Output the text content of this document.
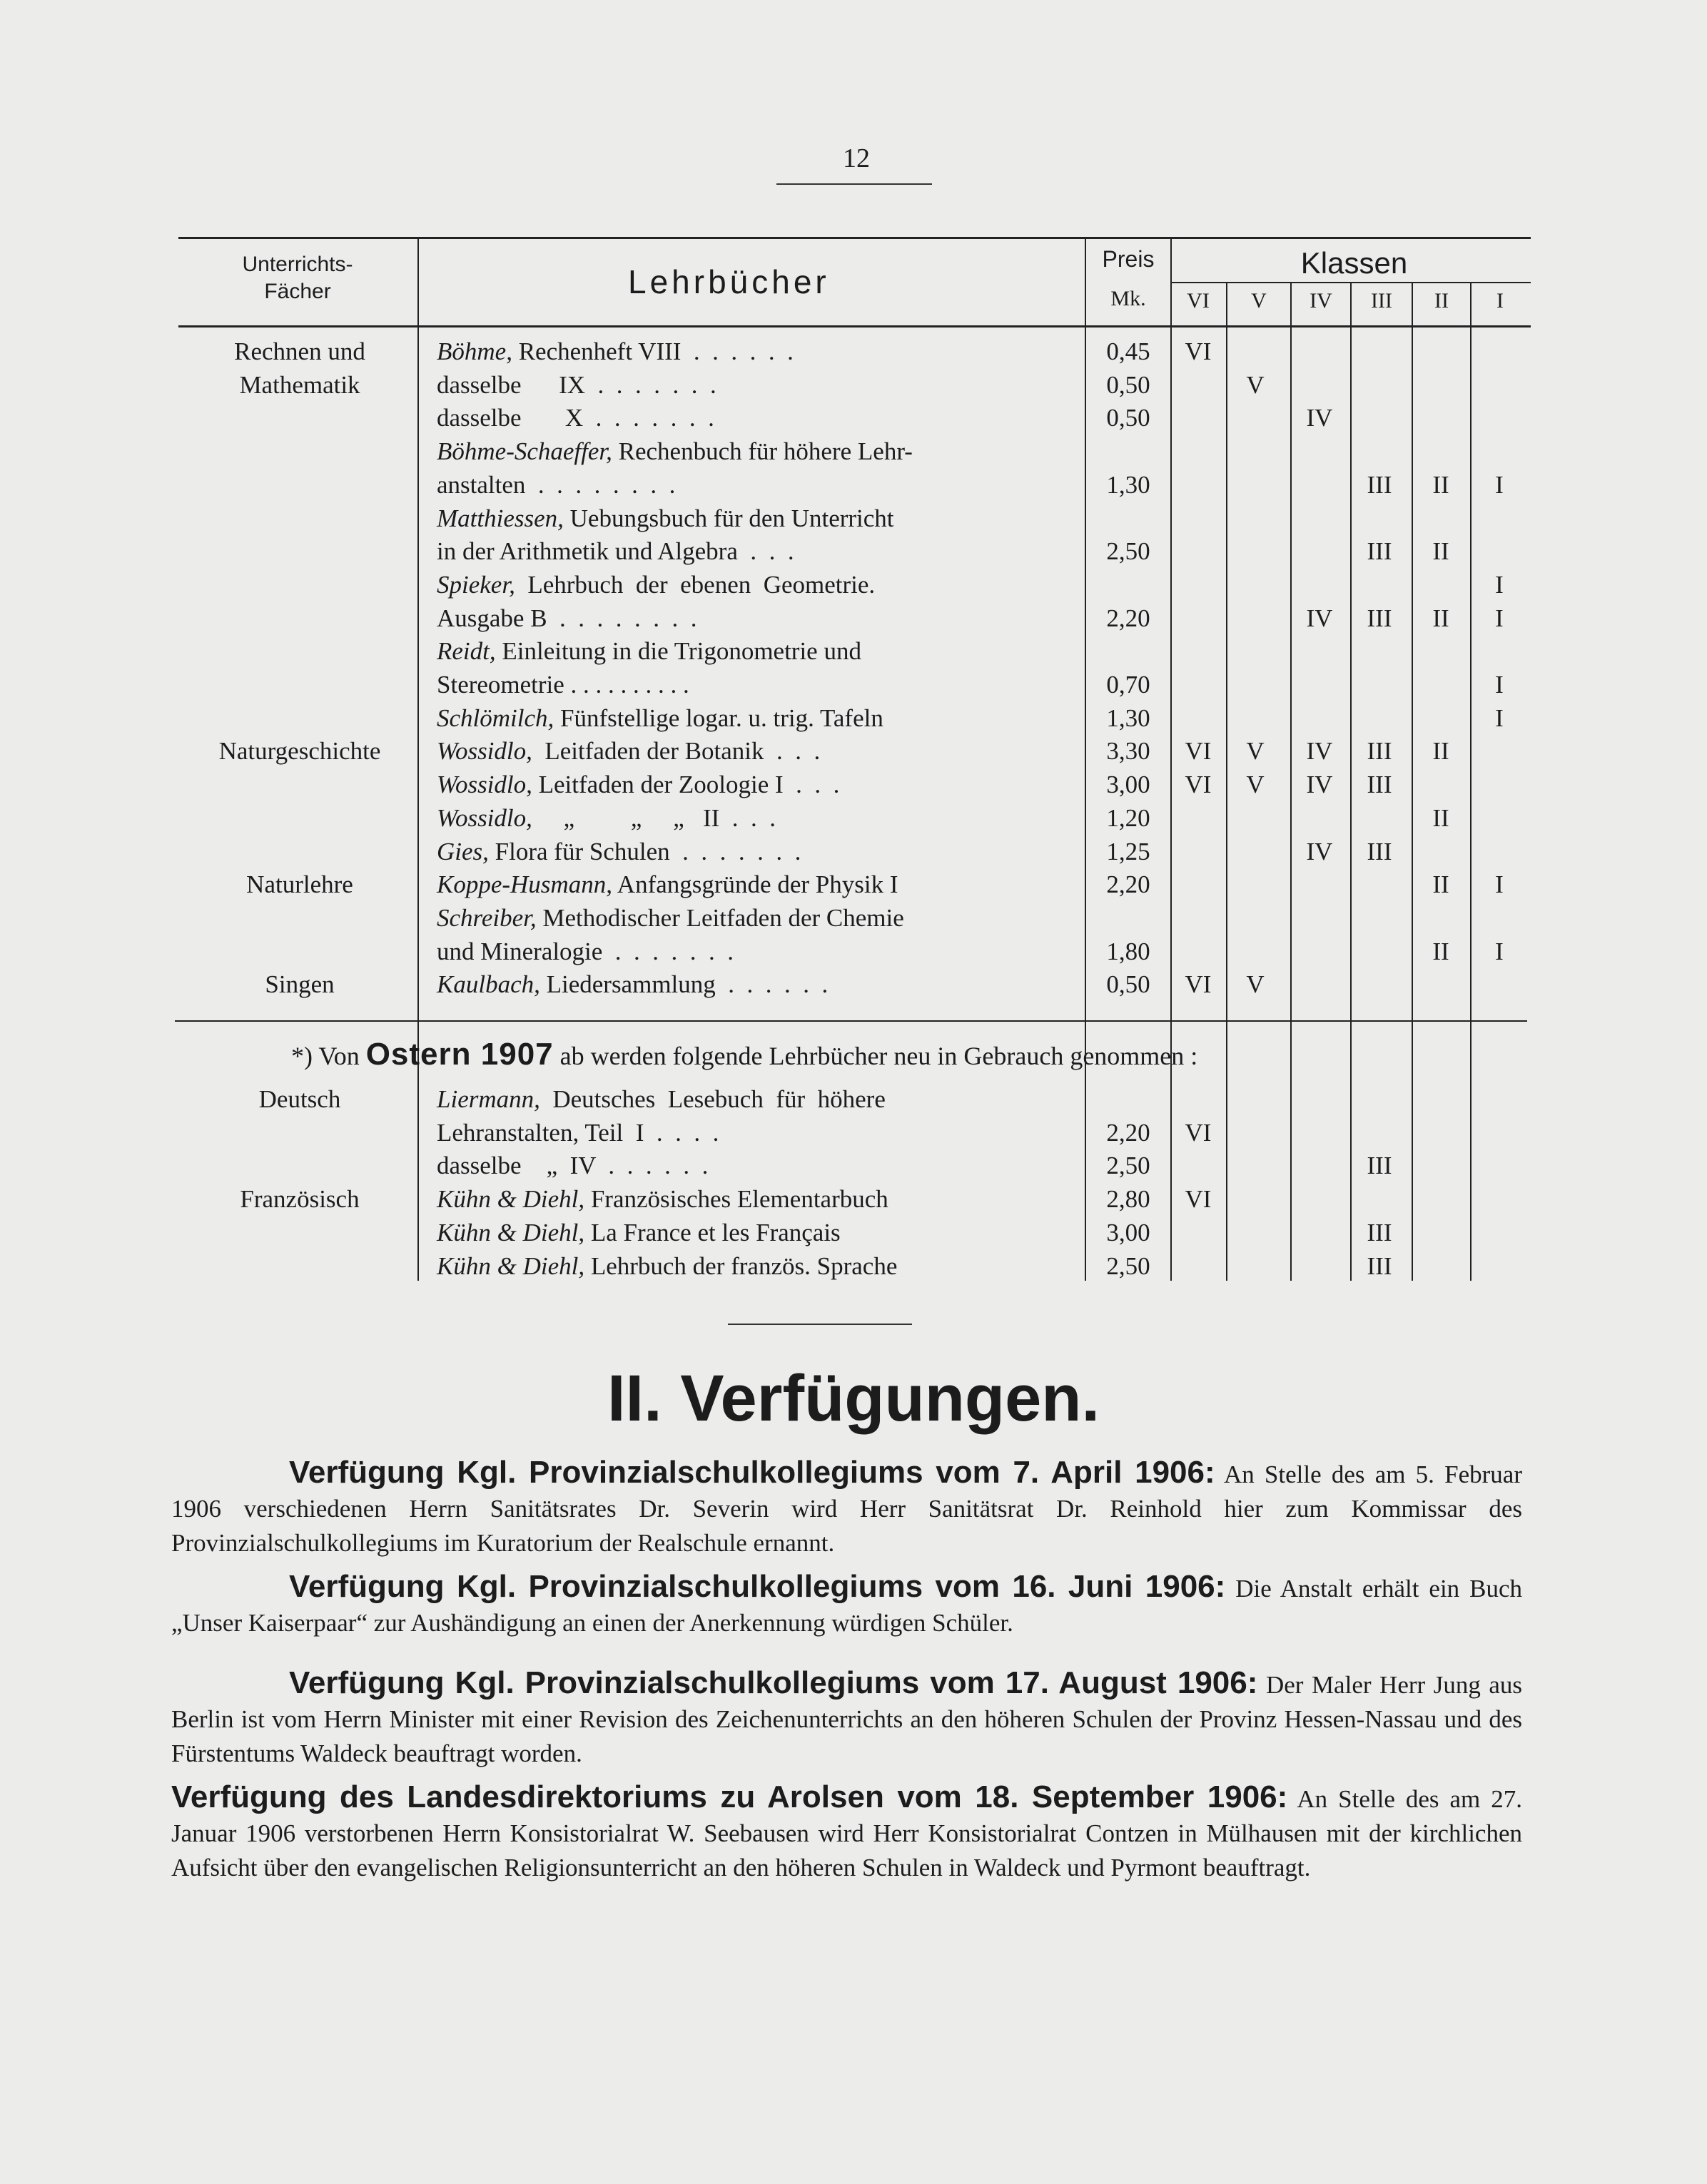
12
Unterrichts-
Fächer	Lehrbücher
Preis
Mk.
Klassen
VI	V	IV	III	II	I
Rechnen und	Böhme, Rechenheft VIII  .  .  .  .  .  .	0,45	VI
Mathematik	dasselbe      IX  .  .  .  .  .  .  .	0,50	V
dasselbe       X  .  .  .  .  .  .  .	0,50	IV
Böhme-Schaeffer, Rechenbuch für höhere Lehr-
anstalten  .  .  .  .  .  .  .  .	1,30	III	II	I
Matthiessen, Uebungsbuch für den Unterricht
in der Arithmetik und Algebra  .  .  .	2,50	III	II
Spieker,  Lehrbuch  der  ebenen  Geometrie.	I
Ausgabe B  .  .  .  .  .  .  .  .	2,20	IV	III	II	I
Reidt, Einleitung in die Trigonometrie und
Stereometrie . . . . . . . . . .	0,70	I
Schlömilch, Fünfstellige logar. u. trig. Tafeln	1,30	I
Naturgeschichte	Wossidlo,  Leitfaden der Botanik  .  .  .	3,30	VI	V	IV	III	II
Wossidlo, Leitfaden der Zoologie I  .  .  .	3,00	VI	V	IV	III
Wossidlo,     „         „     „   II  .  .  .	1,20	II
Gies, Flora für Schulen  .  .  .  .  .  .  .	1,25	IV	III
Naturlehre	Koppe-Husmann, Anfangsgründe der Physik I	2,20	II	I
Schreiber, Methodischer Leitfaden der Chemie
und Mineralogie  .  .  .  .  .  .  .	1,80	II	I
Singen	Kaulbach, Liedersammlung  .  .  .  .  .  .	0,50	VI	V
Deutsch	Liermann,  Deutsches  Lesebuch  für  höhere
Lehranstalten, Teil  I  .  .  .  .	2,20	VI
dasselbe    „  IV  .  .  .  .  .  .	2,50	III
Französisch	Kühn & Diehl, Französisches Elementarbuch	2,80	VI
Kühn & Diehl, La France et les Français	3,00	III
Kühn & Diehl, Lehrbuch der französ. Sprache	2,50	III
*) Von Ostern 1907 ab werden folgende Lehrbücher neu in Gebrauch genommen :
II. Verfügungen.
Verfügung Kgl. Provinzialschulkollegiums vom 7. April 1906: An Stelle des am 5. Februar 1906 verschiedenen Herrn Sanitätsrates Dr. Severin wird Herr Sanitätsrat Dr. Reinhold hier zum Kommissar des Provinzialschulkollegiums im Kuratorium der Realschule ernannt.
Verfügung Kgl. Provinzialschulkollegiums vom 16. Juni 1906: Die Anstalt erhält ein Buch „Unser Kaiserpaar“ zur Aushändigung an einen der Anerkennung würdigen Schüler.
Verfügung Kgl. Provinzialschulkollegiums vom 17. August 1906: Der Maler Herr Jung aus Berlin ist vom Herrn Minister mit einer Revision des Zeichenunterrichts an den höheren Schulen der Provinz Hessen-Nassau und des Fürstentums Waldeck beauftragt worden.
Verfügung des Landesdirektoriums zu Arolsen vom 18. September 1906: An Stelle des am 27. Januar 1906 verstorbenen Herrn Konsistorialrat W. Seebausen wird Herr Konsistorialrat Contzen in Mülhausen mit der kirchlichen Aufsicht über den evangelischen Religionsunterricht an den höheren Schulen in Waldeck und Pyrmont beauftragt.
